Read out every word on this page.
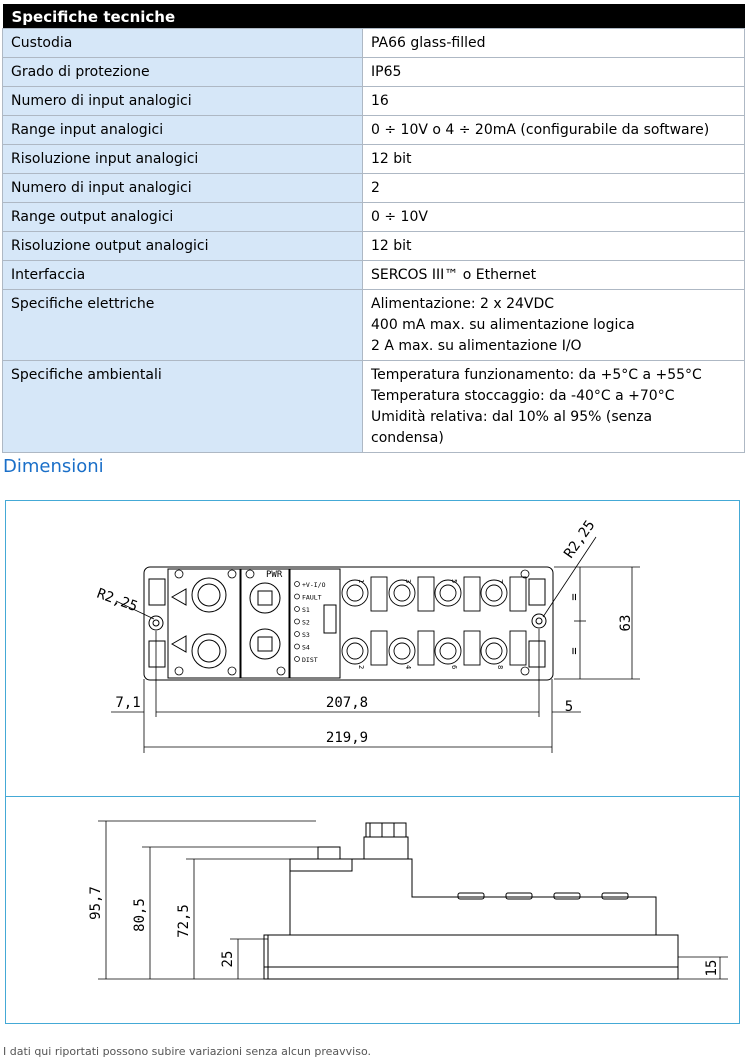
Specifiche tecniche	
Custodia	PA66 glass-filled

Grado di protezione	IP65

Numero di input analogici	16

Range input analogici	0 ÷ 10V o 4 ÷ 20mA (configurabile da software)

Risoluzione input analogici	12 bit

Numero di input analogici	2

Range output analogici	0 ÷ 10V

Risoluzione output analogici	12 bit

Interfaccia	SERCOS III™ o Ethernet

Specifiche elettriche	Alimentazione: 2 x 24VDC
400 mA max. su alimentazione logica
2 A max. su alimentazione I/O

Specifiche ambientali	Temperatura funzionamento: da +5°C a +55°C
Temperatura stoccaggio: da -40°C a +70°C
Umidità relativa: dal 10% al 95% (senza
condensa)
Dimensioni
PWR
+V-I/O
FAULT
S1
S2
S3
S4
DIST
1
2
3
4
5
6
7
8
R2,25
R2,25
=
=
63
7,1	207,8	5
219,9
95,7 80,5 72,5
25
15
I dati qui riportati possono subire variazioni senza alcun preavviso.
